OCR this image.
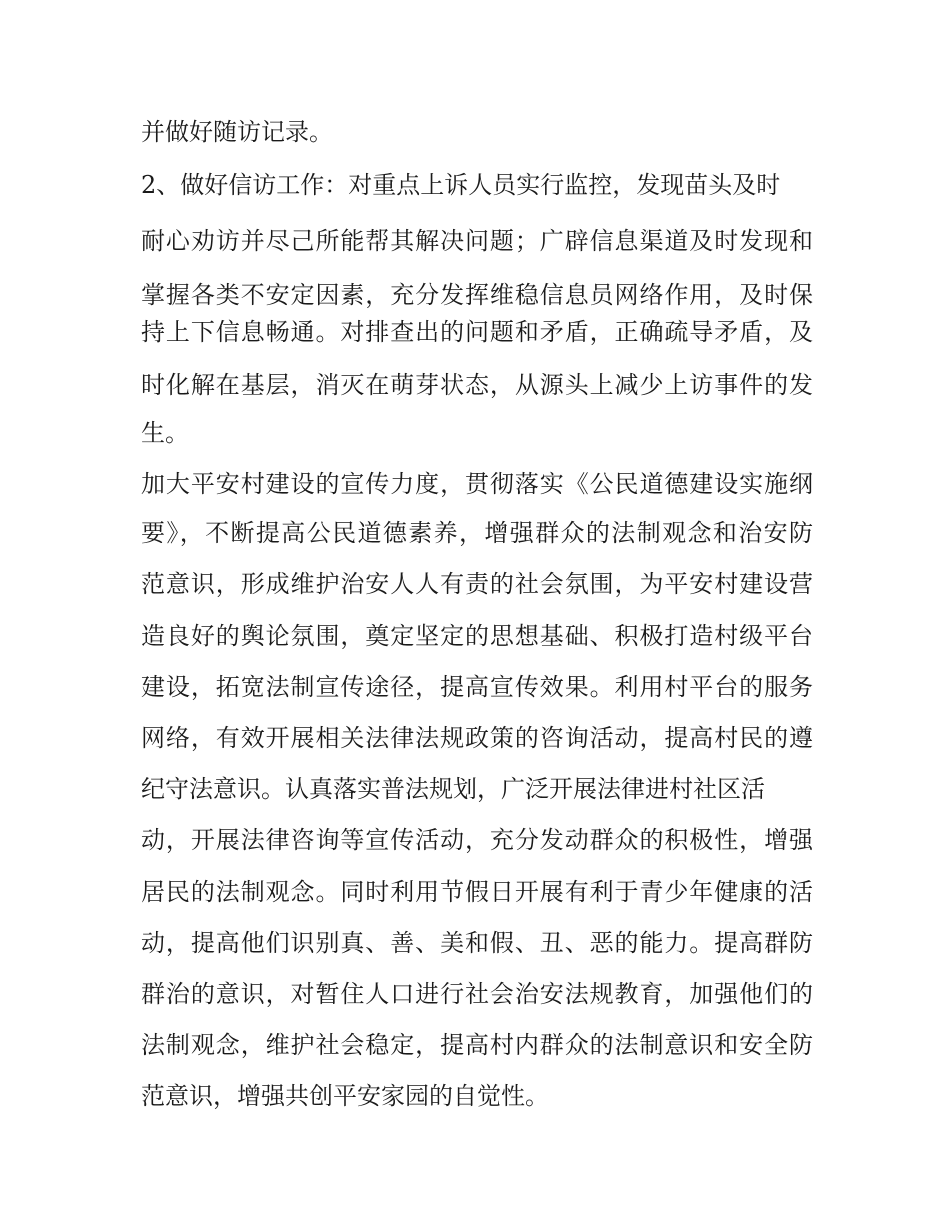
并做好随访记录。
2、做好信访工作：对重点上诉人员实行监控，发现苗头及时
耐心劝访并尽己所能帮其解决问题；广辟信息渠道及时发现和
掌握各类不安定因素，充分发挥维稳信息员网络作用，及时保
持上下信息畅通。对排查出的问题和矛盾，正确疏导矛盾，及
时化解在基层，消灭在萌芽状态，从源头上减少上访事件的发
生。
加大平安村建设的宣传力度，贯彻落实《公民道德建设实施纲
要》，不断提高公民道德素养，增强群众的法制观念和治安防
范意识，形成维护治安人人有责的社会氛围，为平安村建设营
造良好的舆论氛围，奠定坚定的思想基础、积极打造村级平台
建设，拓宽法制宣传途径，提高宣传效果。利用村平台的服务
网络，有效开展相关法律法规政策的咨询活动，提高村民的遵
纪守法意识。认真落实普法规划，广泛开展法律进村社区活
动，开展法律咨询等宣传活动，充分发动群众的积极性，增强
居民的法制观念。同时利用节假日开展有利于青少年健康的活
动，提高他们识别真、善、美和假、丑、恶的能力。提高群防
群治的意识，对暂住人口进行社会治安法规教育，加强他们的
法制观念，维护社会稳定，提高村内群众的法制意识和安全防
范意识，增强共创平安家园的自觉性。
